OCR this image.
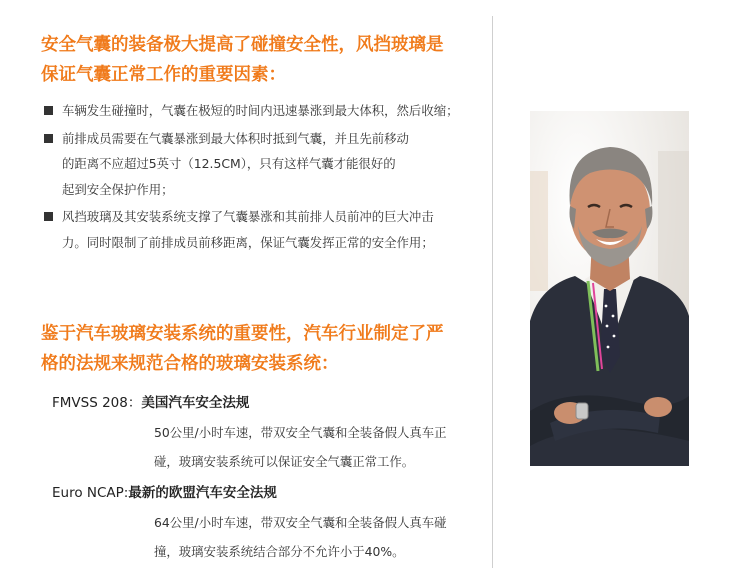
安全气囊的装备极大提高了碰撞安全性，风挡玻璃是
保证气囊正常工作的重要因素：
车辆发生碰撞时，气囊在极短的时间内迅速暴涨到最大体积，然后收缩；
前排成员需要在气囊暴涨到最大体积时抵到气囊，并且先前移动
的距离不应超过5英寸（12.5CM），只有这样气囊才能很好的
起到安全保护作用；
风挡玻璃及其安装系统支撑了气囊暴涨和其前排人员前冲的巨大冲击
力。同时限制了前排成员前移距离，保证气囊发挥正常的安全作用；
鉴于汽车玻璃安装系统的重要性，汽车行业制定了严
格的法规来规范合格的玻璃安装系统：
FMVSS 208：美国汽车安全法规
50公里/小时车速，带双安全气囊和全装备假人真车正
碰，玻璃安装系统可以保证安全气囊正常工作。
Euro NCAP:最新的欧盟汽车安全法规
64公里/小时车速，带双安全气囊和全装备假人真车碰
撞，玻璃安装系统结合部分不允许小于40%。
